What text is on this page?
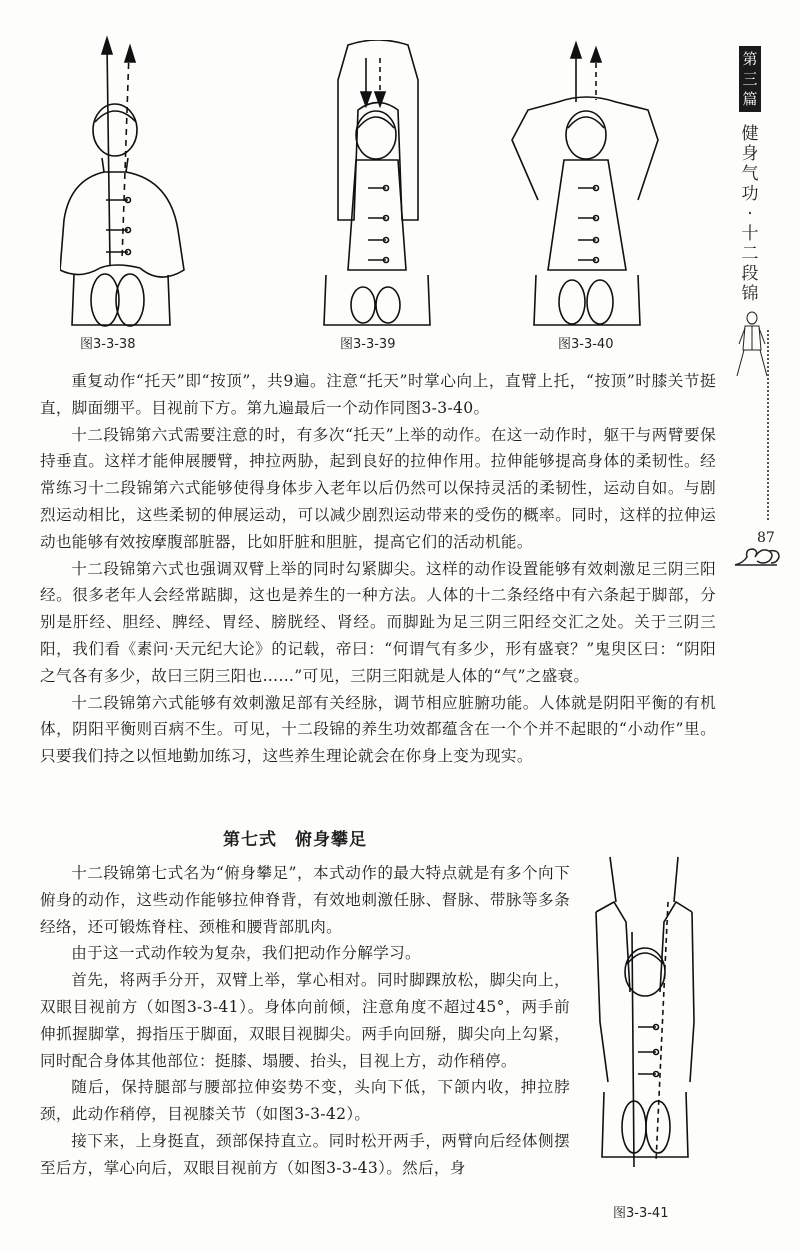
图3-3-38	图3-3-39	图3-3-40
第三篇
健身气功·十二段锦
87

重复动作“托天”即“按顶”，共9遍。注意“托天”时掌心向上，直臂上托，“按顶”时膝关节挺直，脚面绷平。目视前下方。第九遍最后一个动作同图3-3-40。

十二段锦第六式需要注意的时，有多次“托天”上举的动作。在这一动作时，躯干与两臂要保持垂直。这样才能伸展腰臂，抻拉两胁，起到良好的拉伸作用。拉伸能够提高身体的柔韧性。经常练习十二段锦第六式能够使得身体步入老年以后仍然可以保持灵活的柔韧性，运动自如。与剧烈运动相比，这些柔韧的伸展运动，可以减少剧烈运动带来的受伤的概率。同时，这样的拉伸运动也能够有效按摩腹部脏器，比如肝脏和胆脏，提高它们的活动机能。

十二段锦第六式也强调双臂上举的同时勾紧脚尖。这样的动作设置能够有效刺激足三阴三阳经。很多老年人会经常踮脚，这也是养生的一种方法。人体的十二条经络中有六条起于脚部，分别是肝经、胆经、脾经、胃经、膀胱经、肾经。而脚趾为足三阴三阳经交汇之处。关于三阴三阳，我们看《素问·天元纪大论》的记载，帝曰：“何谓气有多少，形有盛衰？”鬼臾区曰：“阴阳之气各有多少，故曰三阴三阳也……”可见，三阴三阳就是人体的“气”之盛衰。

十二段锦第六式能够有效刺激足部有关经脉，调节相应脏腑功能。人体就是阴阳平衡的有机体，阴阳平衡则百病不生。可见，十二段锦的养生功效都蕴含在一个个并不起眼的“小动作”里。只要我们持之以恒地勤加练习，这些养生理论就会在你身上变为现实。

第七式　俯身攀足

十二段锦第七式名为“俯身攀足”，本式动作的最大特点就是有多个向下俯身的动作，这些动作能够拉伸脊背，有效地刺激任脉、督脉、带脉等多条经络，还可锻炼脊柱、颈椎和腰背部肌肉。

由于这一式动作较为复杂，我们把动作分解学习。

首先，将两手分开，双臂上举，掌心相对。同时脚踝放松，脚尖向上，双眼目视前方（如图3-3-41）。身体向前倾，注意角度不超过45°，两手前伸抓握脚掌，拇指压于脚面，双眼目视脚尖。两手向回掰，脚尖向上勾紧，同时配合身体其他部位：挺膝、塌腰、抬头，目视上方，动作稍停。

随后，保持腿部与腰部拉伸姿势不变，头向下低，下颌内收，抻拉脖颈，此动作稍停，目视膝关节（如图3-3-42）。

接下来，上身挺直，颈部保持直立。同时松开两手，两臂向后经体侧摆至后方，掌心向后，双眼目视前方（如图3-3-43）。然后，身

图3-3-41
